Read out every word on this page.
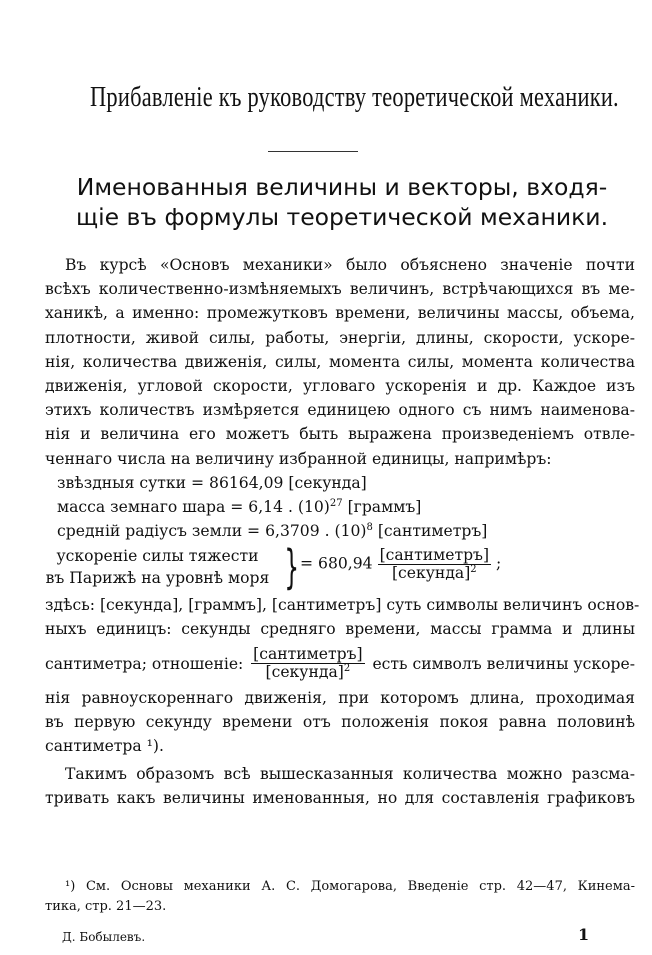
Прибавленіе къ руководству теоретической механики.
Именованныя величины и векторы, входя-
щіе въ формулы теоретической механики.
Въ курсѣ «Основъ механики» было объяснено значеніе почти
всѣхъ количественно-измѣняемыхъ величинъ, встрѣчающихся въ ме-
ханикѣ, а именно: промежутковъ времени, величины массы, объема,
плотности, живой силы, работы, энергіи, длины, скорости, ускоре-
нія, количества движенія, силы, момента силы, момента количества
движенія, угловой скорости, угловаго ускоренія и др. Каждое изъ
этихъ количествъ измѣряется единицею одного съ нимъ наименова-
нія и величина его можетъ быть выражена произведеніемъ отвле-
ченнаго числа на величину избранной единицы, напримѣръ:
звѣздныя сутки = 86164,09 [секунда]
масса земнаго шара = 6,14 . $(10)^{27}$ [граммъ]
средній радіусъ земли = 6,3709 . $(10)^8$ [сантиметръ]
ускореніе силы тяжести
въ Парижѣ на уровнѣ моря } = $680,94 \frac{\text{[сантиметръ]}}{[секунда]^2}$ ;
здѣсь: [секунда], [граммъ], [сантиметръ] суть символы величинъ основ-
ныхъ единицъ: секунды средняго времени, массы грамма и длины
сантиметра; отношеніе: $\frac{\text{[сантиметръ]}}{[секунда]^2}$ есть символъ величины ускоре-
нія равноускореннаго движенія, при которомъ длина, проходимая
въ первую секунду времени отъ положенія покоя равна половинѣ
сантиметра ¹).
Такимъ образомъ всѣ вышесказанныя количества можно разсма-
тривать какъ величины именованныя, но для составленія графиковъ
¹) См. Основы механики А. С. Домогарова, Введеніе стр. 42—47, Кинема-
тика, стр. 21—23.
Д. Бобылевъ.	1
